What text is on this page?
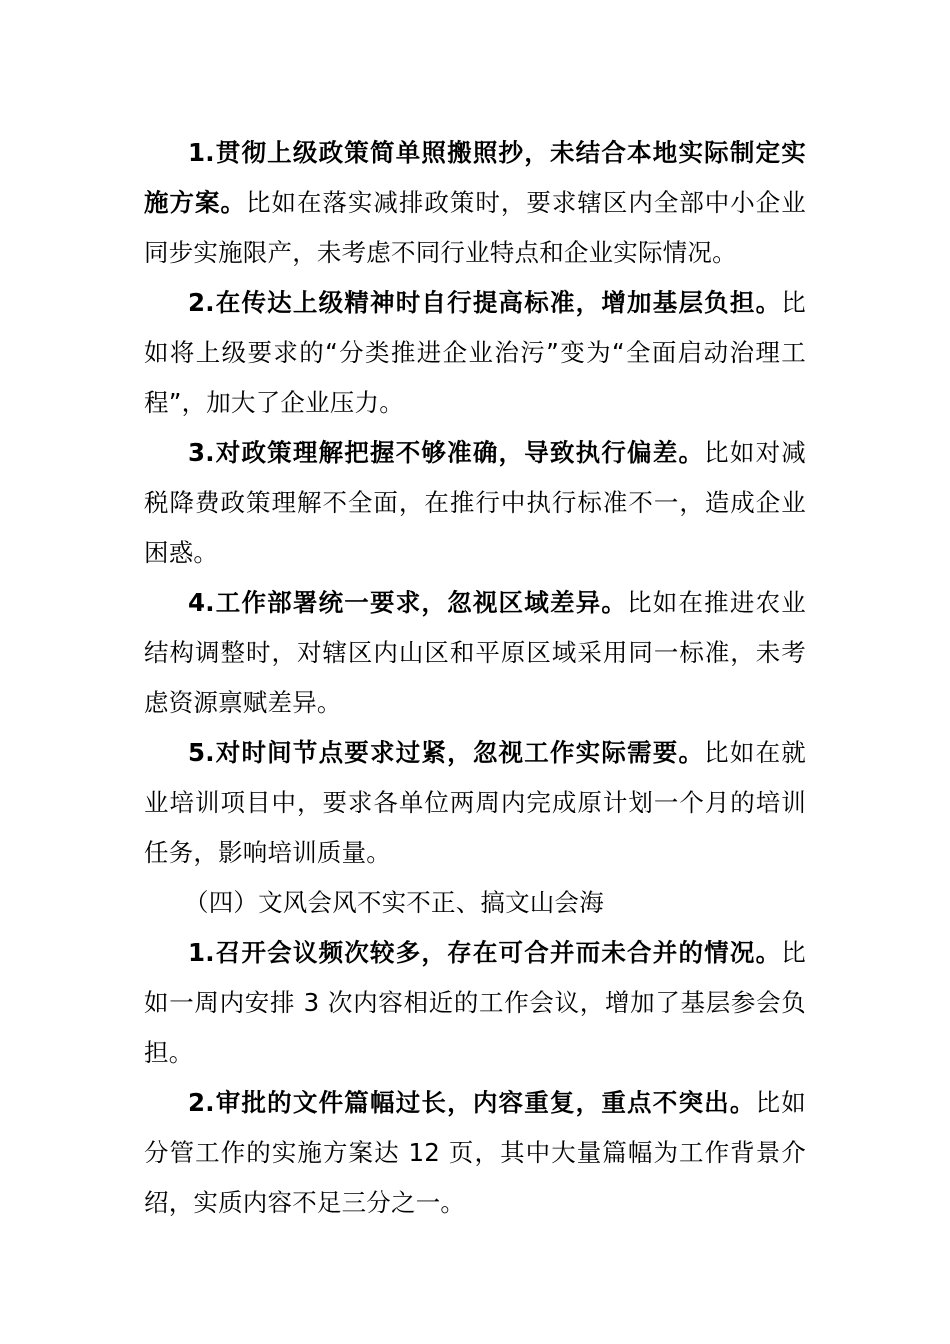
1.贯彻上级政策简单照搬照抄，未结合本地实际制定实施方案。比如在落实减排政策时，要求辖区内全部中小企业同步实施限产，未考虑不同行业特点和企业实际情况。

2.在传达上级精神时自行提高标准，增加基层负担。比如将上级要求的“分类推进企业治污”变为“全面启动治理工程”，加大了企业压力。

3.对政策理解把握不够准确，导致执行偏差。比如对减税降费政策理解不全面，在推行中执行标准不一，造成企业困惑。

4.工作部署统一要求，忽视区域差异。比如在推进农业结构调整时，对辖区内山区和平原区域采用同一标准，未考虑资源禀赋差异。

5.对时间节点要求过紧，忽视工作实际需要。比如在就业培训项目中，要求各单位两周内完成原计划一个月的培训任务，影响培训质量。

（四）文风会风不实不正、搞文山会海

1.召开会议频次较多，存在可合并而未合并的情况。比如一周内安排 3 次内容相近的工作会议，增加了基层参会负担。

2.审批的文件篇幅过长，内容重复，重点不突出。比如分管工作的实施方案达 12 页，其中大量篇幅为工作背景介绍，实质内容不足三分之一。
